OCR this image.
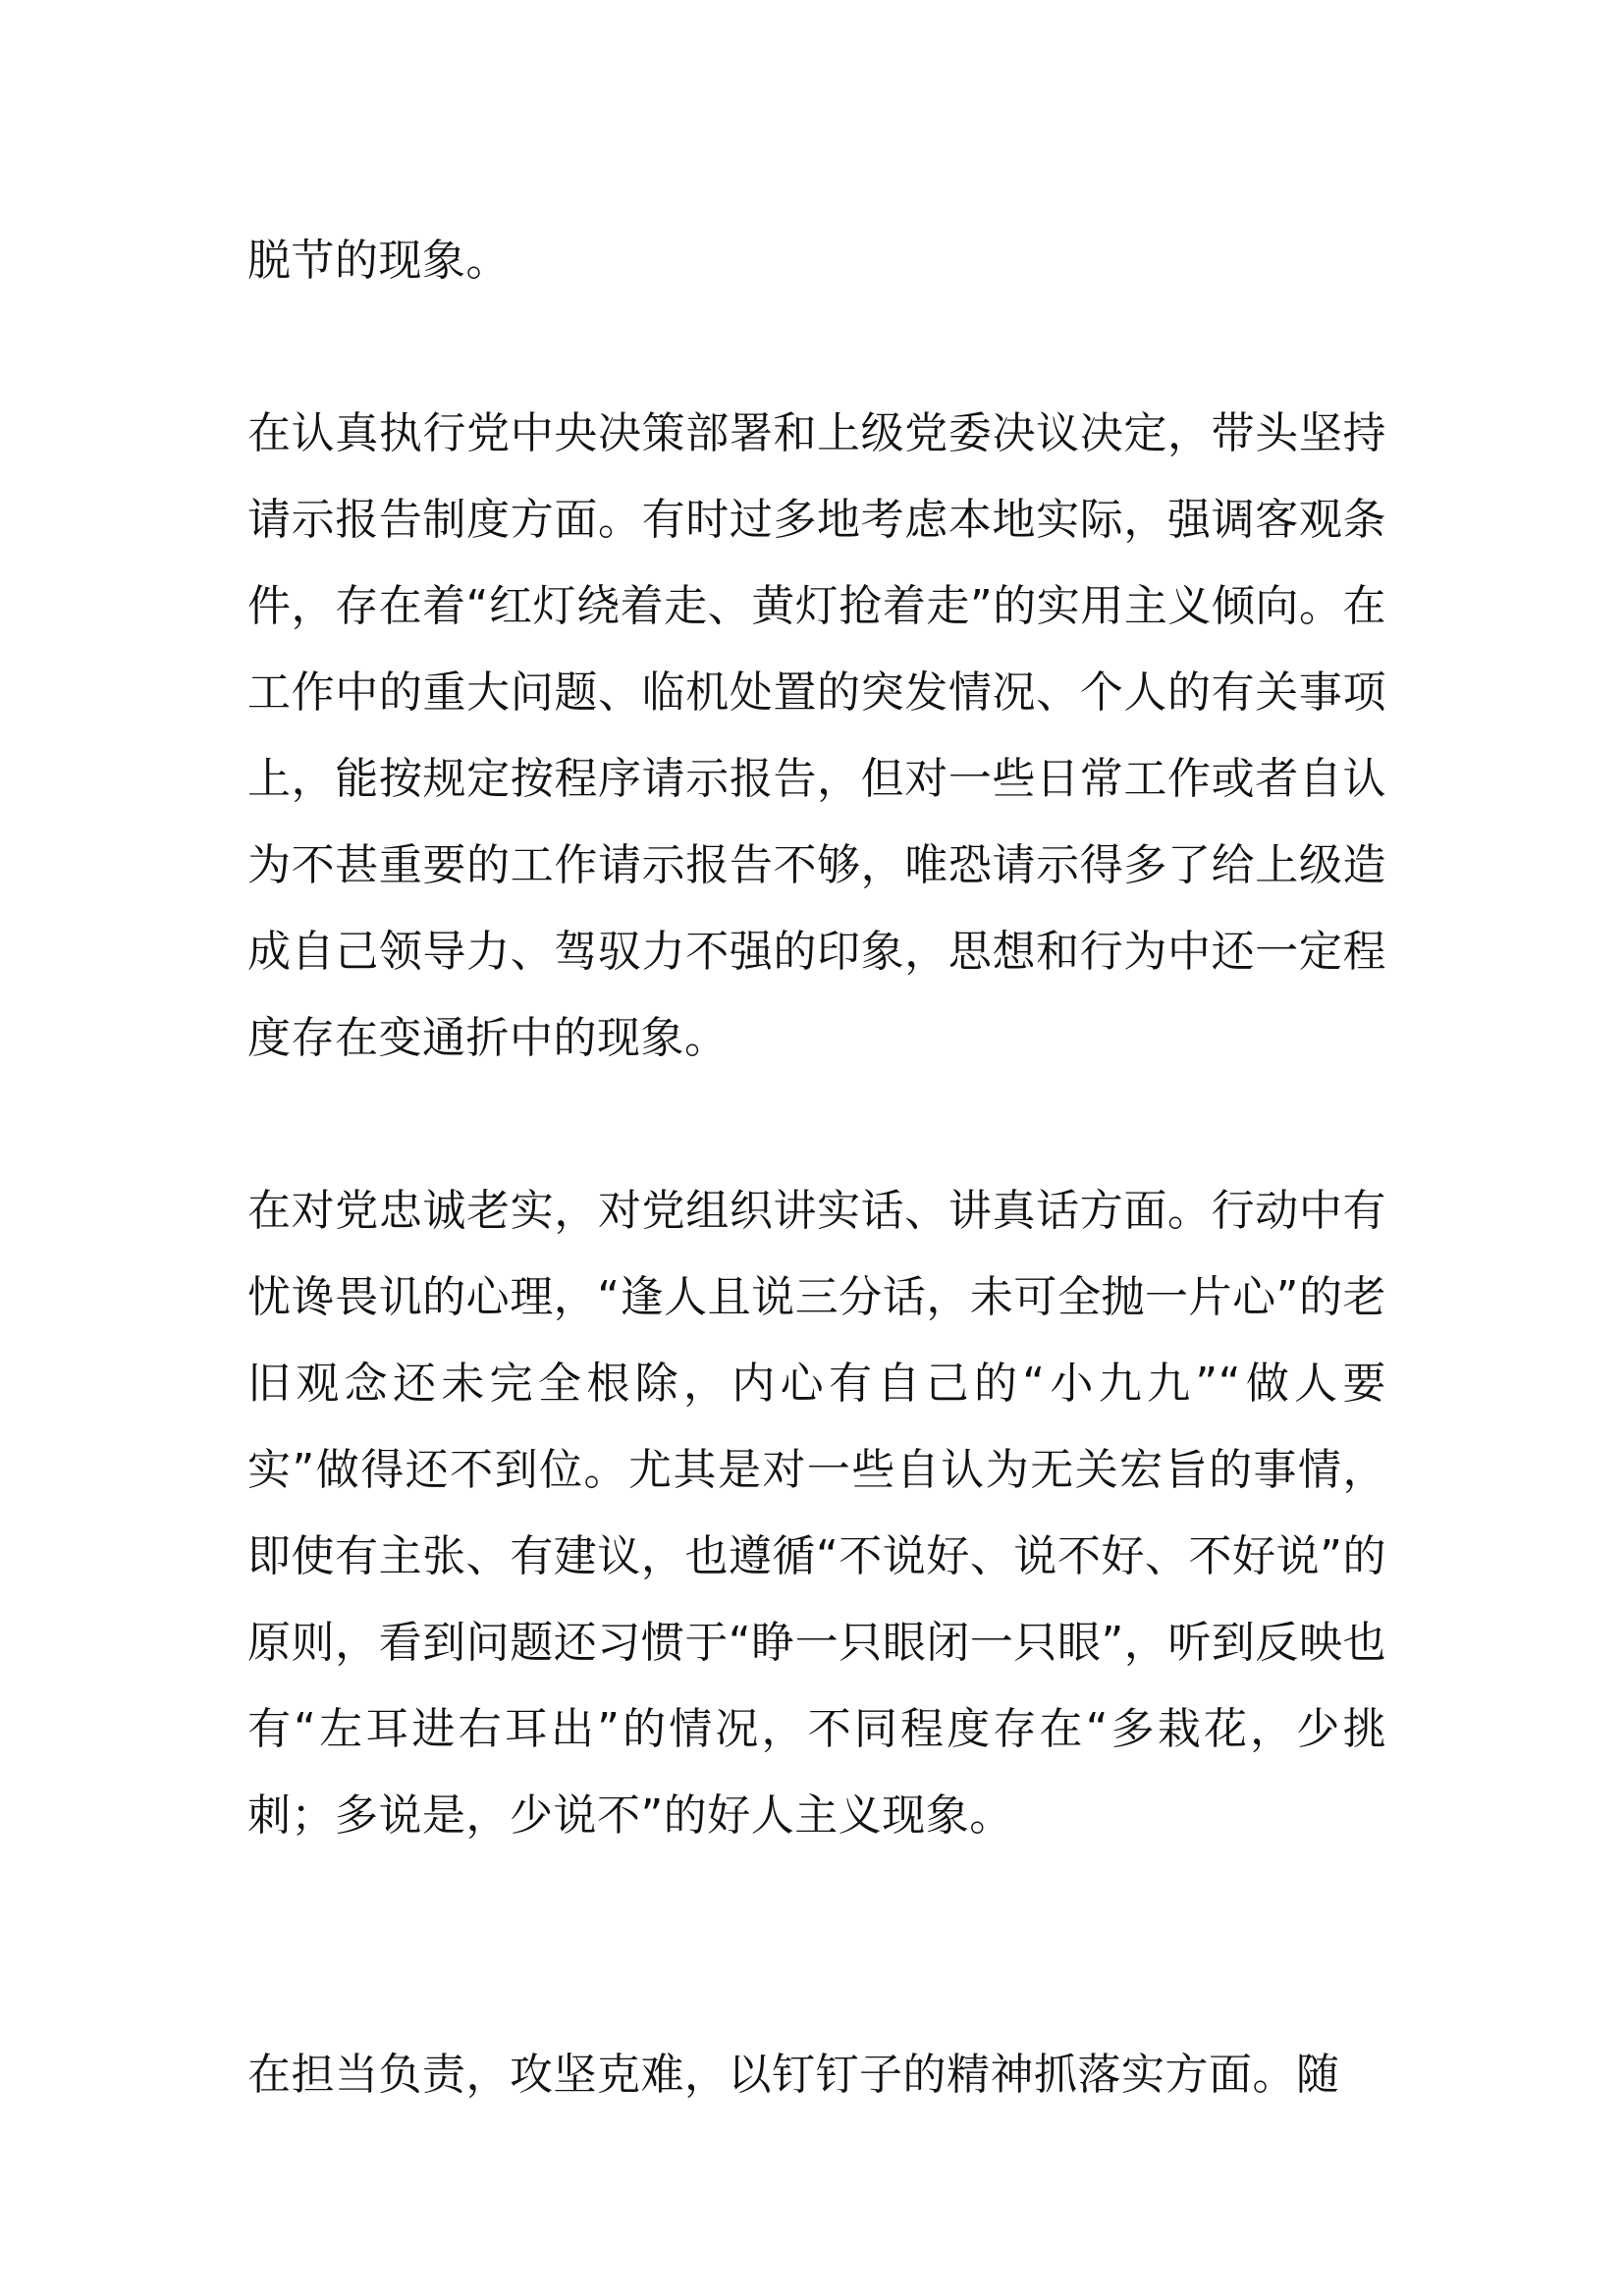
脱节的现象。

在认真执行党中央决策部署和上级党委决议决定，带头坚持请示报告制度方面。有时过多地考虑本地实际，强调客观条件，存在着“红灯绕着走、黄灯抢着走”的实用主义倾向。在工作中的重大问题、临机处置的突发情况、个人的有关事项上，能按规定按程序请示报告，但对一些日常工作或者自认为不甚重要的工作请示报告不够，唯恐请示得多了给上级造成自己领导力、驾驭力不强的印象，思想和行为中还一定程度存在变通折中的现象。

在对党忠诚老实，对党组织讲实话、讲真话方面。行动中有忧谗畏讥的心理，“逢人且说三分话，未可全抛一片心”的老旧观念还未完全根除，内心有自己的“小九九”“做人要实”做得还不到位。尤其是对一些自认为无关宏旨的事情，即使有主张、有建议，也遵循“不说好、说不好、不好说”的原则，看到问题还习惯于“睁一只眼闭一只眼”，听到反映也有“左耳进右耳出”的情况，不同程度存在“多栽花，少挑刺；多说是，少说不”的好人主义现象。

在担当负责，攻坚克难，以钉钉子的精神抓落实方面。随
